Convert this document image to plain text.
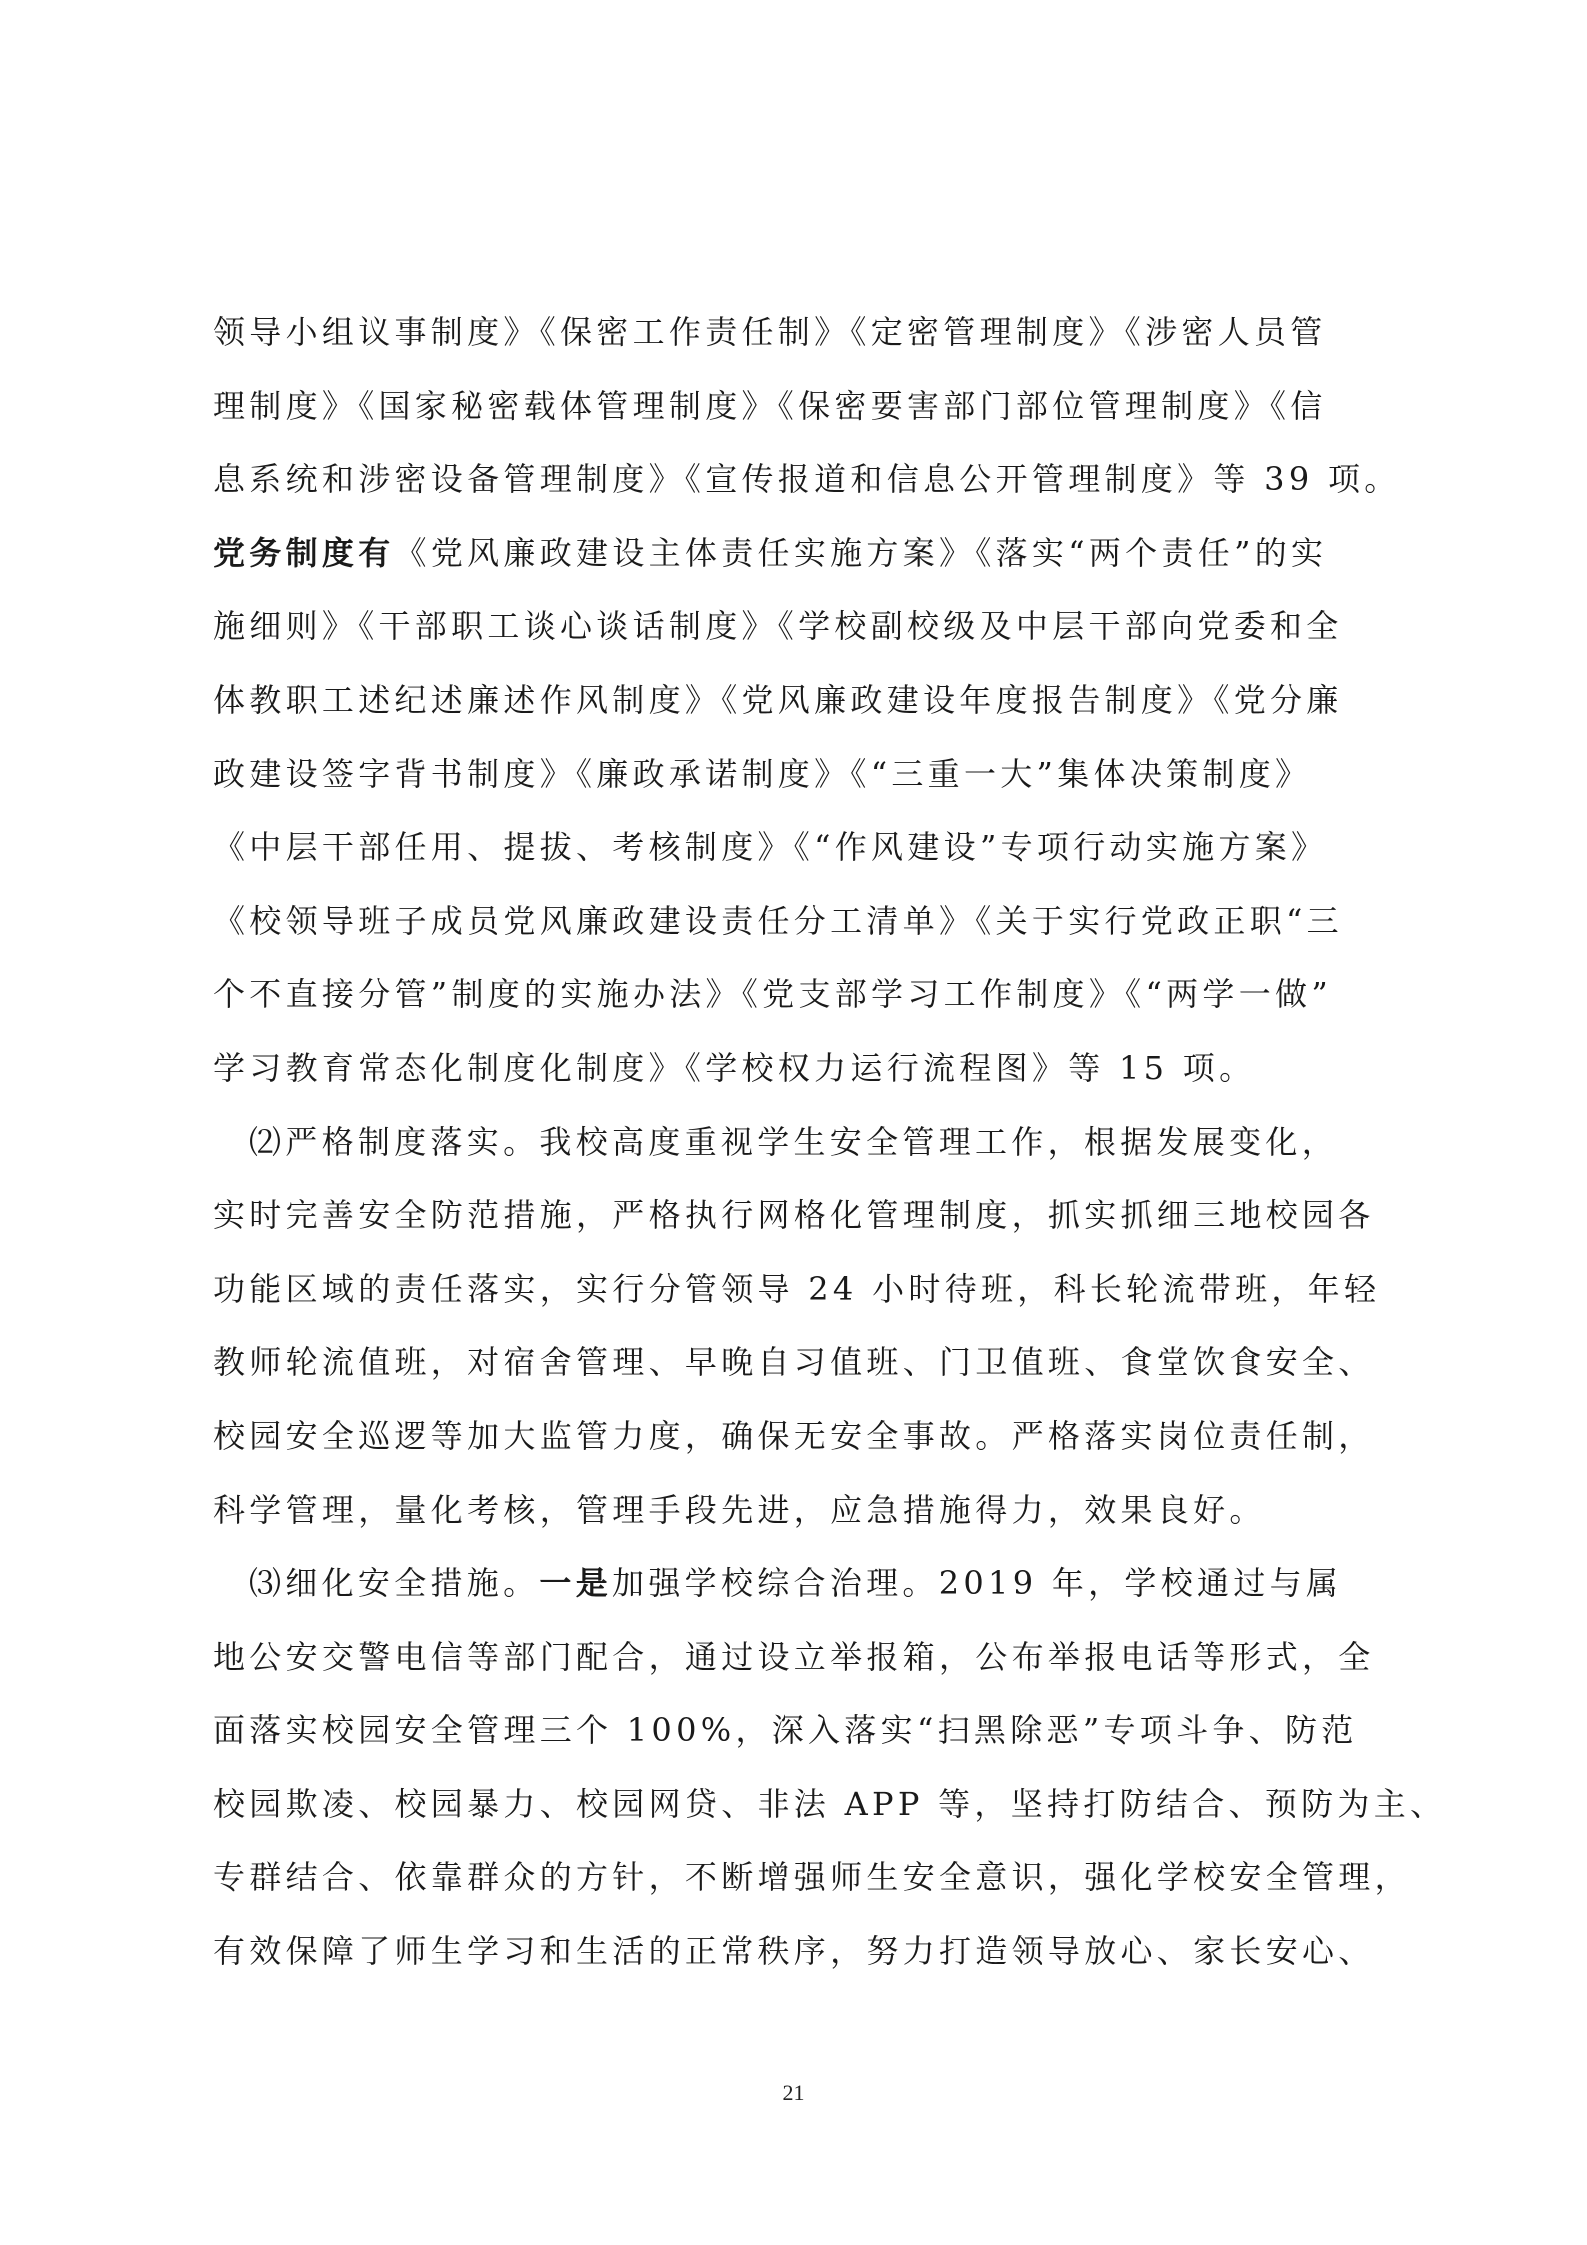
领导小组议事制度》《保密工作责任制》《定密管理制度》《涉密人员管
理制度》《国家秘密载体管理制度》《保密要害部门部位管理制度》《信
息系统和涉密设备管理制度》《宣传报道和信息公开管理制度》等 39 项。
党务制度有《党风廉政建设主体责任实施方案》《落实“两个责任”的实
施细则》《干部职工谈心谈话制度》《学校副校级及中层干部向党委和全
体教职工述纪述廉述作风制度》《党风廉政建设年度报告制度》《党分廉
政建设签字背书制度》《廉政承诺制度》《“三重一大”集体决策制度》
《中层干部任用、提拔、考核制度》《“作风建设”专项行动实施方案》
《校领导班子成员党风廉政建设责任分工清单》《关于实行党政正职“三
个不直接分管”制度的实施办法》《党支部学习工作制度》《“两学一做”
学习教育常态化制度化制度》《学校权力运行流程图》等 15 项。
⑵严格制度落实。我校高度重视学生安全管理工作，根据发展变化，
实时完善安全防范措施，严格执行网格化管理制度，抓实抓细三地校园各
功能区域的责任落实，实行分管领导 24 小时待班，科长轮流带班，年轻
教师轮流值班，对宿舍管理、早晚自习值班、门卫值班、食堂饮食安全、
校园安全巡逻等加大监管力度，确保无安全事故。严格落实岗位责任制，
科学管理，量化考核，管理手段先进，应急措施得力，效果良好。
⑶细化安全措施。一是加强学校综合治理。2019 年，学校通过与属
地公安交警电信等部门配合，通过设立举报箱，公布举报电话等形式，全
面落实校园安全管理三个 100%，深入落实“扫黑除恶”专项斗争、防范
校园欺凌、校园暴力、校园网贷、非法 APP 等，坚持打防结合、预防为主、
专群结合、依靠群众的方针，不断增强师生安全意识，强化学校安全管理，
有效保障了师生学习和生活的正常秩序，努力打造领导放心、家长安心、
21
